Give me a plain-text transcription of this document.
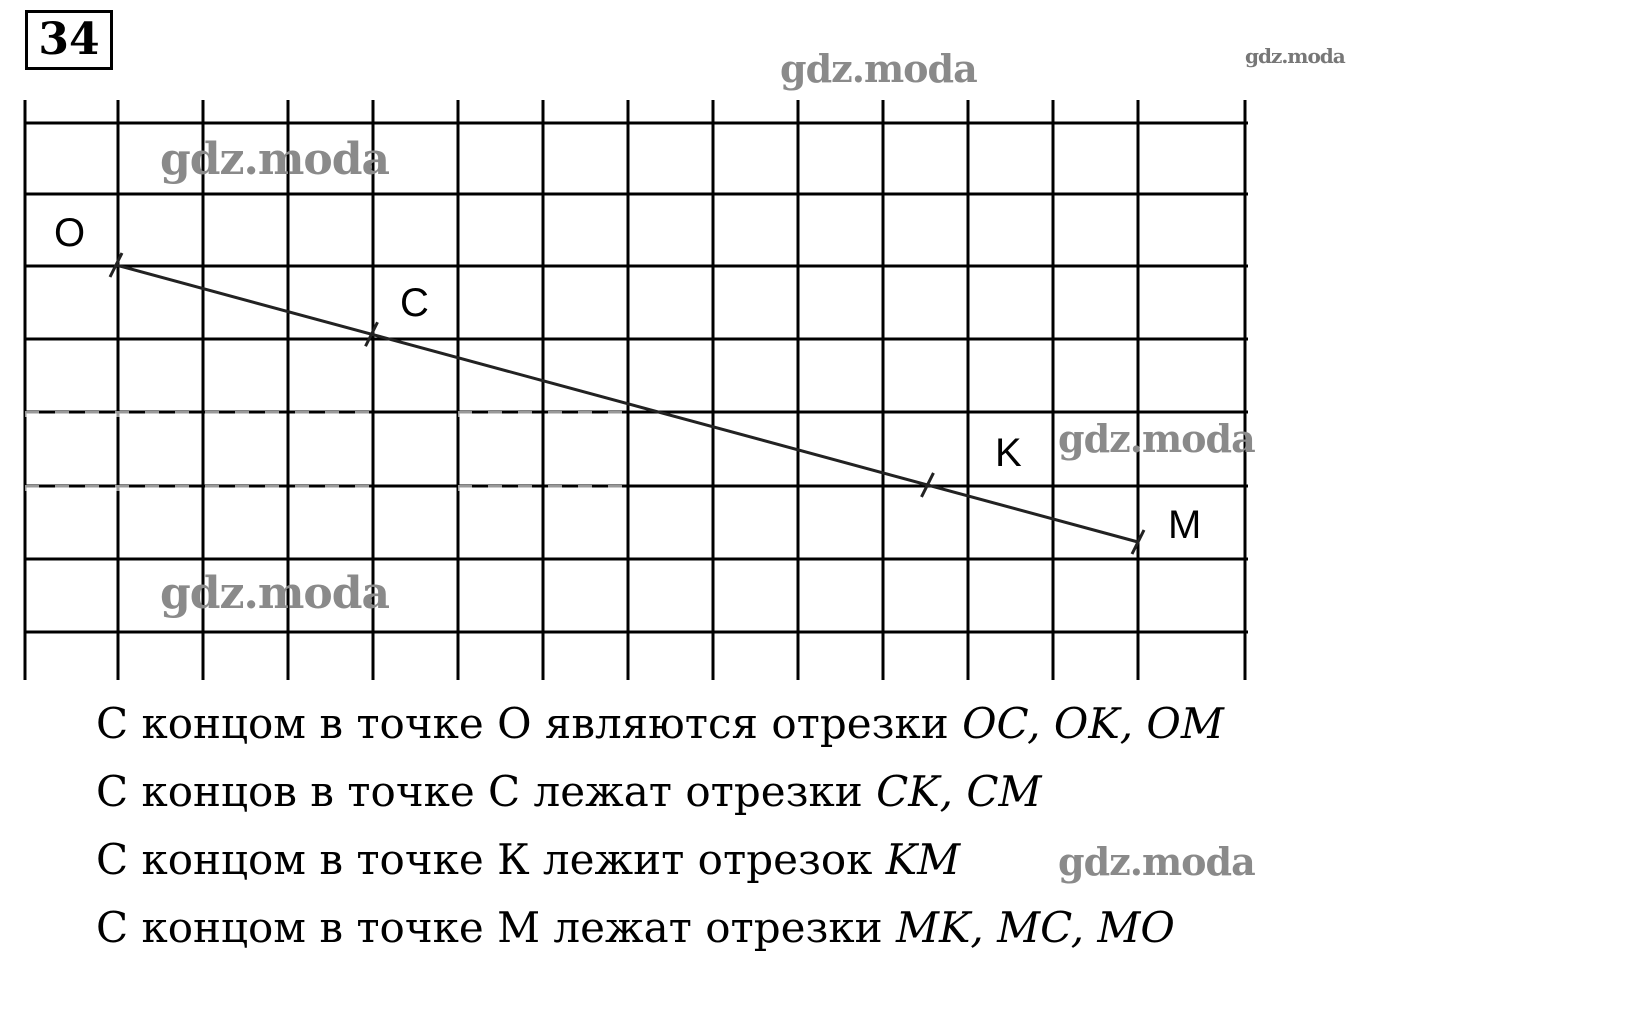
34
O
C
K
M
gdz.moda	gdz.moda
gdz.moda
gdz.moda
gdz.moda
gdz.moda
С концом в точке О являются отрезки OC, OK, OM
С концов в точке С лежат отрезки CK, CM
С концом в точке К лежит отрезок KM
С концом в точке М лежат отрезки MK, MC, MO
